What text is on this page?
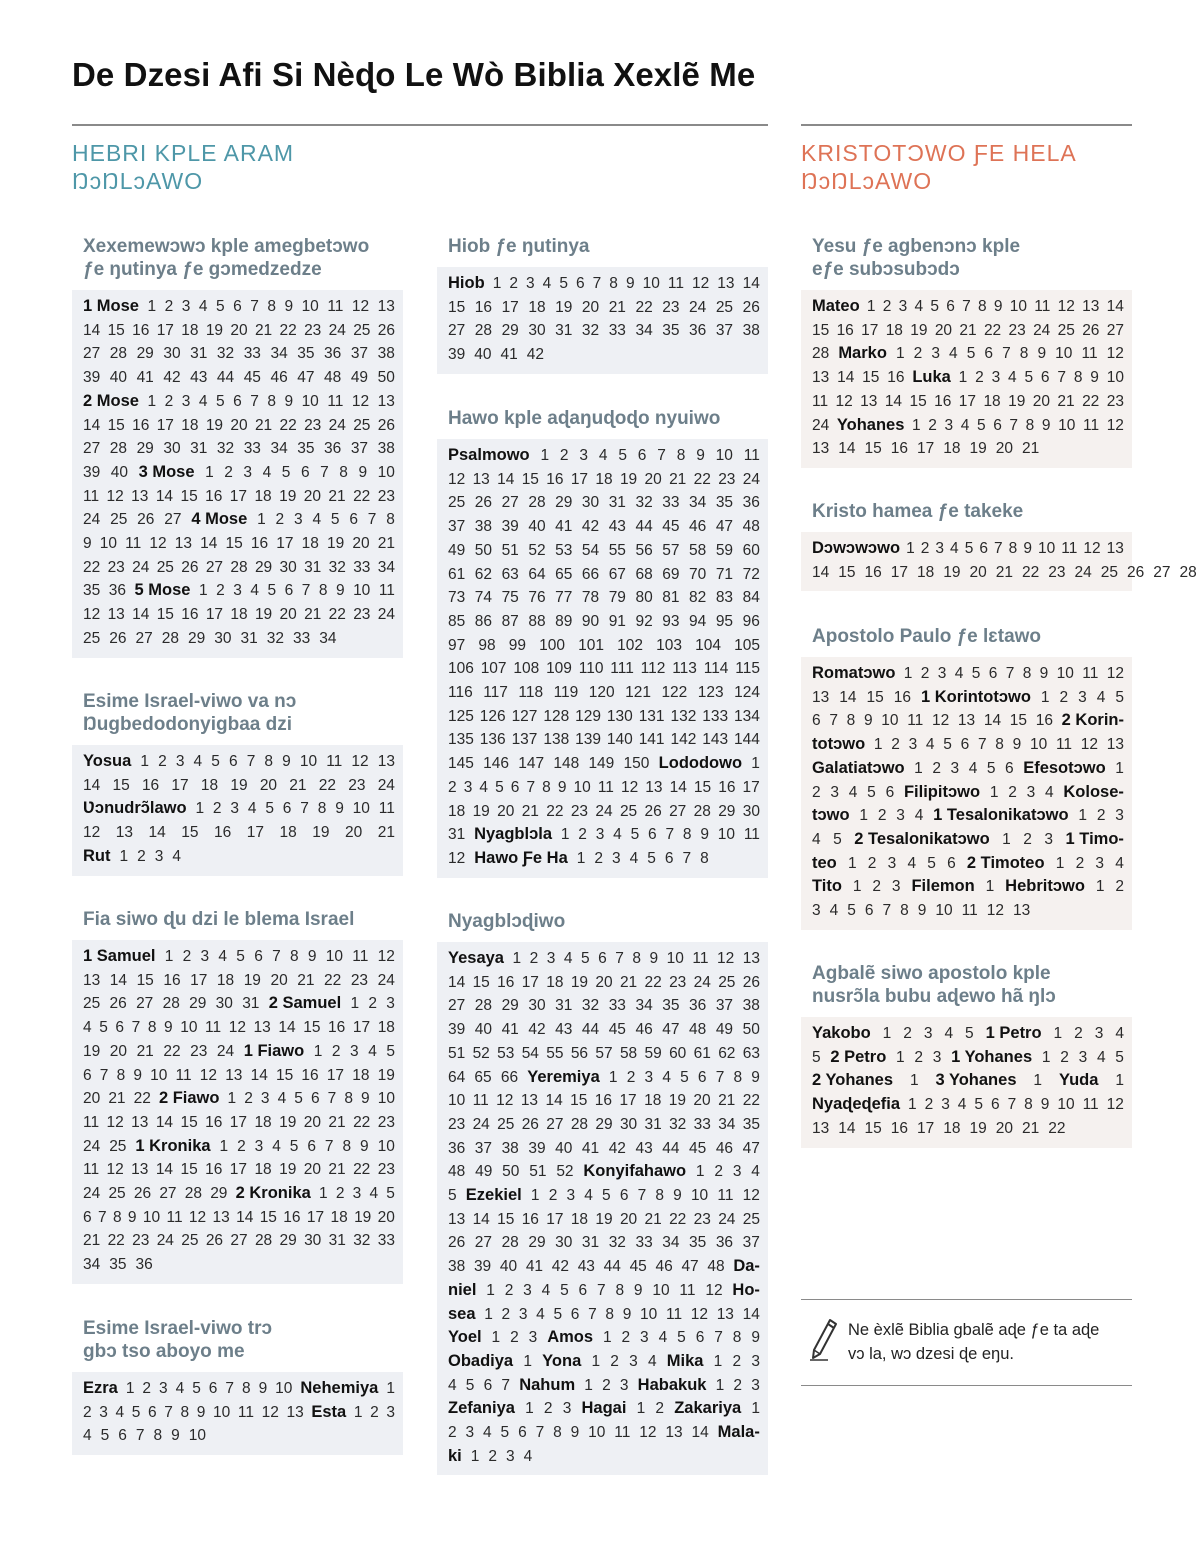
De Dzesi Afi Si Nèɖo Le Wò Biblia Xexlẽ Me
HEBRI KPLE ARAM
ŊɔŊLɔAWO
KRISTOTƆWO ƑE HELA
ŊɔŊLɔAWO
Xexemewɔwɔ kple amegbetɔwo
ƒe ŋutinya ƒe gɔmedzedze
1 Mose 1 2 3 4 5 6 7 8 9 10 11 12 13
14 15 16 17 18 19 20 21 22 23 24 25 26
27 28 29 30 31 32 33 34 35 36 37 38
39 40 41 42 43 44 45 46 47 48 49 50
2 Mose 1 2 3 4 5 6 7 8 9 10 11 12 13
14 15 16 17 18 19 20 21 22 23 24 25 26
27 28 29 30 31 32 33 34 35 36 37 38
39 40 3 Mose 1 2 3 4 5 6 7 8 9 10
11 12 13 14 15 16 17 18 19 20 21 22 23
24 25 26 27 4 Mose 1 2 3 4 5 6 7 8
9 10 11 12 13 14 15 16 17 18 19 20 21
22 23 24 25 26 27 28 29 30 31 32 33 34
35 36 5 Mose 1 2 3 4 5 6 7 8 9 10 11
12 13 14 15 16 17 18 19 20 21 22 23 24
25 26 27 28 29 30 31 32 33 34
Esime Israel-viwo va nɔ
Ŋugbedodonyigbaa dzi
Yosua 1 2 3 4 5 6 7 8 9 10 11 12 13
14 15 16 17 18 19 20 21 22 23 24
Ʋɔnudrɔ̃lawo 1 2 3 4 5 6 7 8 9 10 11
12 13 14 15 16 17 18 19 20 21
Rut 1 2 3 4
Fia siwo ɖu dzi le blema Israel
1 Samuel 1 2 3 4 5 6 7 8 9 10 11 12
13 14 15 16 17 18 19 20 21 22 23 24
25 26 27 28 29 30 31 2 Samuel 1 2 3
4 5 6 7 8 9 10 11 12 13 14 15 16 17 18
19 20 21 22 23 24 1 Fiawo 1 2 3 4 5
6 7 8 9 10 11 12 13 14 15 16 17 18 19
20 21 22 2 Fiawo 1 2 3 4 5 6 7 8 9 10
11 12 13 14 15 16 17 18 19 20 21 22 23
24 25 1 Kronika 1 2 3 4 5 6 7 8 9 10
11 12 13 14 15 16 17 18 19 20 21 22 23
24 25 26 27 28 29 2 Kronika 1 2 3 4 5
6 7 8 9 10 11 12 13 14 15 16 17 18 19 20
21 22 23 24 25 26 27 28 29 30 31 32 33
34 35 36
Esime Israel-viwo trɔ
gbɔ tso aboyo me
Ezra 1 2 3 4 5 6 7 8 9 10 Nehemiya 1
2 3 4 5 6 7 8 9 10 11 12 13 Esta 1 2 3
4 5 6 7 8 9 10
Hiob ƒe ŋutinya
Hiob 1 2 3 4 5 6 7 8 9 10 11 12 13 14
15 16 17 18 19 20 21 22 23 24 25 26
27 28 29 30 31 32 33 34 35 36 37 38
39 40 41 42
Hawo kple aɖaŋuɖoɖo nyuiwo
Psalmowo 1 2 3 4 5 6 7 8 9 10 11
12 13 14 15 16 17 18 19 20 21 22 23 24
25 26 27 28 29 30 31 32 33 34 35 36
37 38 39 40 41 42 43 44 45 46 47 48
49 50 51 52 53 54 55 56 57 58 59 60
61 62 63 64 65 66 67 68 69 70 71 72
73 74 75 76 77 78 79 80 81 82 83 84
85 86 87 88 89 90 91 92 93 94 95 96
97 98 99 100 101 102 103 104 105
106 107 108 109 110 111 112 113 114 115
116 117 118 119 120 121 122 123 124
125 126 127 128 129 130 131 132 133 134
135 136 137 138 139 140 141 142 143 144
145 146 147 148 149 150 Lododowo 1
2 3 4 5 6 7 8 9 10 11 12 13 14 15 16 17
18 19 20 21 22 23 24 25 26 27 28 29 30
31 Nyagblɔla 1 2 3 4 5 6 7 8 9 10 11
12 Hawo Ƒe Ha 1 2 3 4 5 6 7 8
Nyagblɔɖiwo
Yesaya 1 2 3 4 5 6 7 8 9 10 11 12 13
14 15 16 17 18 19 20 21 22 23 24 25 26
27 28 29 30 31 32 33 34 35 36 37 38
39 40 41 42 43 44 45 46 47 48 49 50
51 52 53 54 55 56 57 58 59 60 61 62 63
64 65 66 Yeremiya 1 2 3 4 5 6 7 8 9
10 11 12 13 14 15 16 17 18 19 20 21 22
23 24 25 26 27 28 29 30 31 32 33 34 35
36 37 38 39 40 41 42 43 44 45 46 47
48 49 50 51 52 Konyifahawo 1 2 3 4
5 Ezekiel 1 2 3 4 5 6 7 8 9 10 11 12
13 14 15 16 17 18 19 20 21 22 23 24 25
26 27 28 29 30 31 32 33 34 35 36 37
38 39 40 41 42 43 44 45 46 47 48 Da-
niel 1 2 3 4 5 6 7 8 9 10 11 12 Ho-
sea 1 2 3 4 5 6 7 8 9 10 11 12 13 14
Yoel 1 2 3 Amos 1 2 3 4 5 6 7 8 9
Obadiya 1 Yona 1 2 3 4 Mika 1 2 3
4 5 6 7 Nahum 1 2 3 Habakuk 1 2 3
Zefaniya 1 2 3 Hagai 1 2 Zakariya 1
2 3 4 5 6 7 8 9 10 11 12 13 14 Mala-
ki 1 2 3 4
Yesu ƒe agbenɔnɔ kple
eƒe subɔsubɔdɔ
Mateo 1 2 3 4 5 6 7 8 9 10 11 12 13 14
15 16 17 18 19 20 21 22 23 24 25 26 27
28 Marko 1 2 3 4 5 6 7 8 9 10 11 12
13 14 15 16 Luka 1 2 3 4 5 6 7 8 9 10
11 12 13 14 15 16 17 18 19 20 21 22 23
24 Yohanes 1 2 3 4 5 6 7 8 9 10 11 12
13 14 15 16 17 18 19 20 21
Kristo hamea ƒe takeke
Dɔwɔwɔwo 1 2 3 4 5 6 7 8 9 10 11 12 13
14 15 16 17 18 19 20 21 22 23 24 25 26 27 28
Apostolo Paulo ƒe lɛtawo
Romatɔwo 1 2 3 4 5 6 7 8 9 10 11 12
13 14 15 16 1 Korintotɔwo 1 2 3 4 5
6 7 8 9 10 11 12 13 14 15 16 2 Korin-
totɔwo 1 2 3 4 5 6 7 8 9 10 11 12 13
Galatiatɔwo 1 2 3 4 5 6 Efesotɔwo 1
2 3 4 5 6 Filipitɔwo 1 2 3 4 Kolose-
tɔwo 1 2 3 4 1 Tesalonikatɔwo 1 2 3
4 5 2 Tesalonikatɔwo 1 2 3 1 Timo-
teo 1 2 3 4 5 6 2 Timoteo 1 2 3 4
Tito 1 2 3 Filemon 1 Hebritɔwo 1 2
3 4 5 6 7 8 9 10 11 12 13
Agbalẽ siwo apostolo kple
nusrɔ̃la bubu aɖewo hã ŋlɔ
Yakobo 1 2 3 4 5 1 Petro 1 2 3 4
5 2 Petro 1 2 3 1 Yohanes 1 2 3 4 5
2 Yohanes 1 3 Yohanes 1 Yuda 1
Nyaɖeɖefia 1 2 3 4 5 6 7 8 9 10 11 12
13 14 15 16 17 18 19 20 21 22
Ne èxlẽ Biblia gbalẽ aɖe ƒe ta aɖe
vɔ la, wɔ dzesi ɖe eŋu.
